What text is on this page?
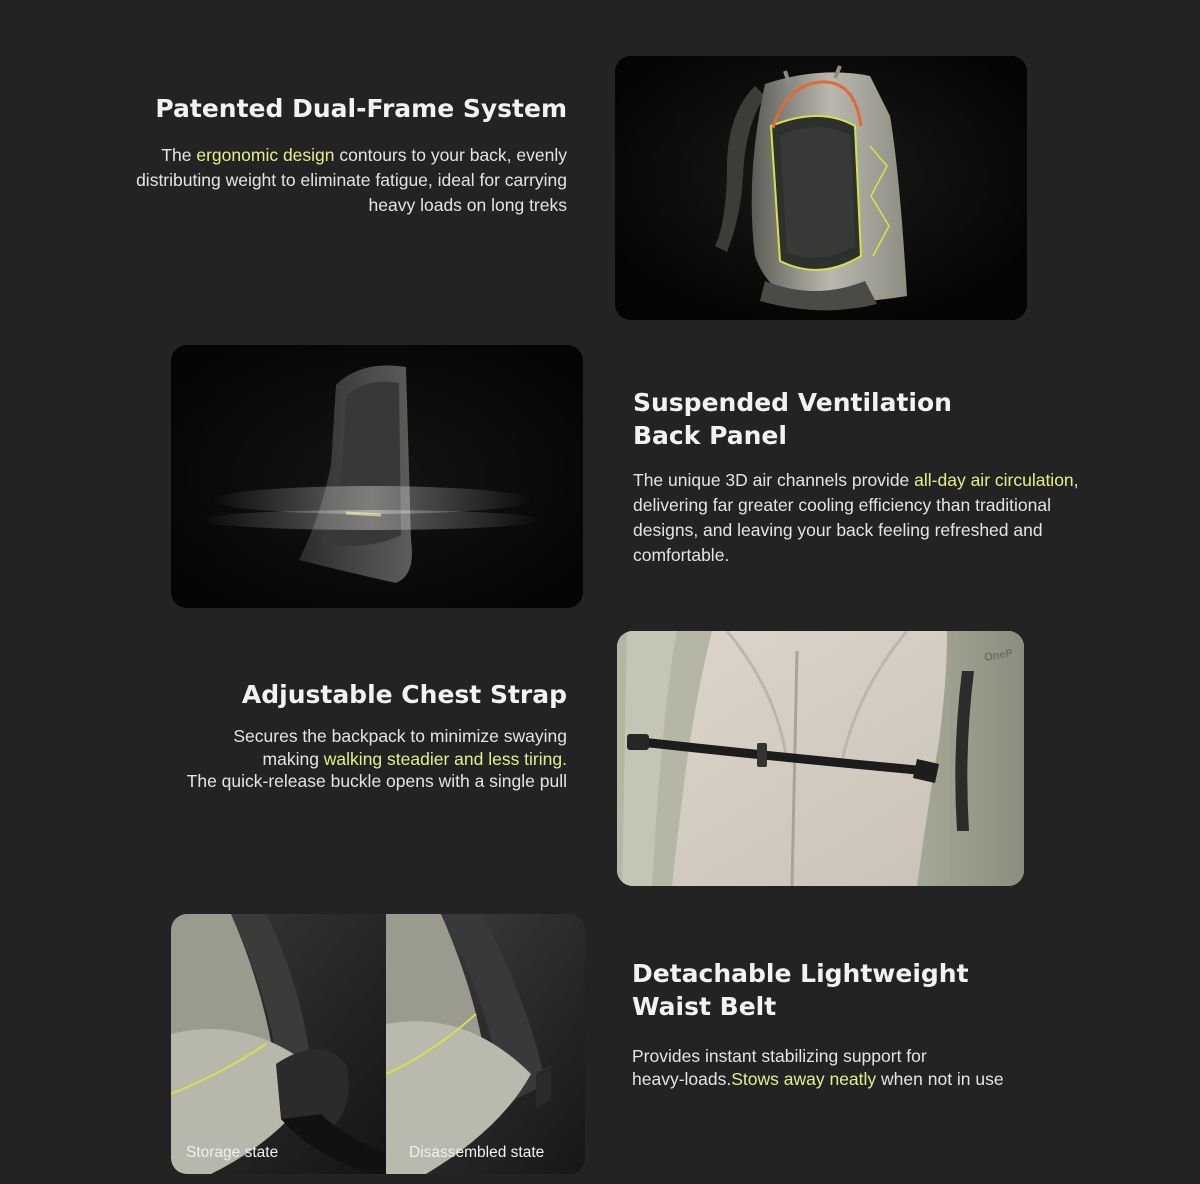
Patented Dual-Frame System

The ergonomic design contours to your back, evenly distributing weight to eliminate fatigue, ideal for carrying heavy loads on long treks

Suspended Ventilation
Back Panel

The unique 3D air channels provide all-day air circulation, delivering far greater cooling efficiency than traditional designs, and leaving your back feeling refreshed and comfortable.

Adjustable Chest Strap

Secures the backpack to minimize swaying
making walking steadier and less tiring.
The quick-release buckle opens with a single pull

OneP
Storage state	Disassembled state
Detachable Lightweight
Waist Belt

Provides instant stabilizing support for
heavy-loads.Stows away neatly when not in use
